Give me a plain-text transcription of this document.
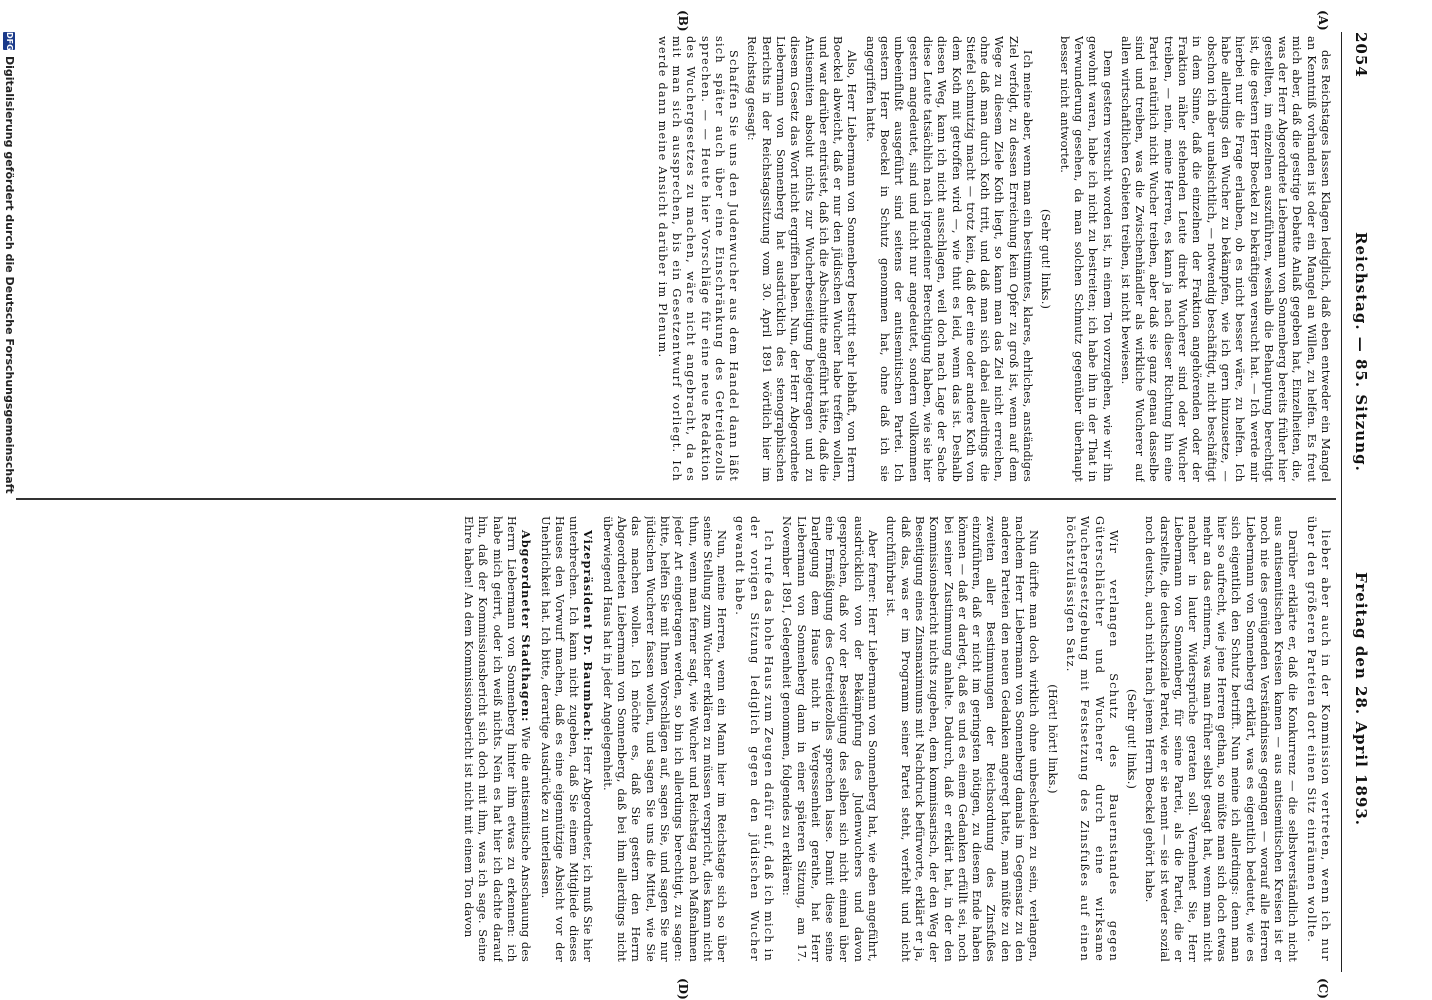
2054
Reichstag. — 85. Sitzung.
Freitag den 28. April 1893.
(A)
(B)
(C)
(D)

des Reichstages lassen Klagen lediglich, daß eben entweder ein Mangel an Kenntniß vorhanden ist oder ein Mangel an Willen, zu helfen. Es freut mich aber, daß die gestrige Debatte Anlaß gegeben hat, Einzelheiten, die, was der Herr Abgeordnete Liebermann von Sonnenberg bereits früher hier gestellten, im einzelnen auszuführen, weshalb die Behauptung berechtigt ist, die gestern Herr Boeckel zu bekräftigen versucht hat. — Ich werde mir hierbei nur die Frage erlauben, ob es nicht besser wäre, zu helfen. Ich habe allerdings den Wucher zu bekämpfen, wie ich gern hinzusetze, — obschon ich aber unabsichtlich, — notwendig beschäftigt, nicht beschäftigt in dem Sinne, daß die einzelnen der Fraktion angehörenden oder der Fraktion näher stehenden Leute direkt Wucherer sind oder Wucher treiben, — nein, meine Herren, es kann ja nach dieser Richtung hin eine Partei natürlich nicht Wucher treiben, aber daß sie ganz genau dasselbe sind und treiben, was die Zwischenhändler als wirkliche Wucherer auf allen wirtschaftlichen Gebieten treiben, ist nicht bewiesen.

Dem gestern versucht worden ist, in einem Ton vorzugehen, wie wir ihn gewohnt waren, habe ich nicht zu bestreiten; ich habe ihn in der That in Verwunderung gesehen, da man solchen Schmutz gegenüber überhaupt besser nicht antwortet.

(Sehr gut! links.)

Ich meine aber, wenn man ein bestimmtes, klares, ehrliches, anständiges Ziel verfolgt, zu dessen Erreichung kein Opfer zu groß ist, wenn auf dem Wege zu diesem Ziele Koth liegt, so kann man das Ziel nicht erreichen, ohne daß man durch Koth tritt, und daß man sich dabei allerdings die Stiefel schmutzig macht — trotz kein, daß der eine oder andere Koth von dem Koth mit getroffen wird —, wie thut es leid, wenn das ist. Deshalb diesen Weg, kann ich nicht ausschlagen, weil doch nach Lage der Sache diese Leute tatsächlich nach irgendeiner Berechtigung haben, wie sie hier gestern angedeutet, sind und nicht nur angedeutet, sondern vollkommen unbeeinflußt ausgeführt sind seitens der antisemitischen Partei. Ich gestern Herr Boeckel in Schutz genommen hat, ohne daß ich sie angegriffen hatte.

Also, Herr Liebermann von Sonnenberg bestritt sehr lebhaft, von Herrn Boeckel abweicht, daß er nur den jüdischen Wucher habe treffen wollen, und war darüber entrüstet, daß ich die Abschnitte angeführt hätte, daß die Antisemiten absolut nichts zur Wucherbeseitigung beigetragen und zu diesem Gesetz das Wort nicht ergriffen haben. Nun, der Herr Abgeordnete Liebermann von Sonnenberg hat ausdrücklich des stenographischen Berichts in der Reichstagssitzung vom 30. April 1891 wörtlich hier im Reichstag gesagt:

Schaffen Sie uns den Judenwucher aus dem Handel dann läßt sich später auch über eine Einschränkung des Getreidezolls sprechen. — — Heute hier Vorschläge für eine neue Redaktion des Wuchergesetzes zu machen, wäre nicht angebracht, da es mit man sich aussprechen, bis ein Gesetzentwurf vorliegt. Ich werde dann meine Ansicht darüber im Plenum.

lieber aber auch in der Kommission vertreten, wenn ich nur über den größeren Parteien dort einen Sitz einräumen wollte.

Darüber erklärte er, daß die Konkurrenz — die selbstverständlich nicht aus antisemitischen Kreisen kamen — aus antisemitischen Kreisen ist er noch nie des genügenden Verständnisses gegangen — worauf alle Herren Liebermann von Sonnenberg erklärt, was es eigentlich bedeutet, wie es sich eigentlich den Schutz betrifft. Nun meine ich allerdings: denn man hier so aufrecht, wie jene Herren gethan, so müßte man sich doch etwas mehr an das erinnern, was man früher selbst gesagt hat, wenn man nicht nachher in lauter Widersprüche geraten soll. Vernehmet Sie, Herr Liebermann von Sonnenberg, für seine Partei, als die Partei, die er darstellte, die deutschsoziale Partei, wie er sie nennt — sie ist weder sozial noch deutsch, auch nicht nach jenem Herrn Boeckel gehört habe.

(Sehr gut! links.)

Wir verlangen Schutz des Bauernstandes gegen Güterschlächter und Wucherer durch eine wirksame Wuchergesetzgebung mit Festsetzung des Zinsfußes auf einen höchstzulässigen Satz.

(Hört! hört! links.)

Nun dürfte man doch wirklich ohne unbescheiden zu sein, verlangen, nachdem Herr Liebermann von Sonnenberg damals im Gegensatz zu den anderen Parteien den neuen Gedanken angeregt hatte, man müßte zu den zweiten aller Bestimmungen der Reichsordnung des Zinsfußes einzuführen, daß er nicht im geringsten nötigen, zu diesem Ende haben können — daß er darlegt, daß es und es einem Gedanken erfüllt sei, noch bei seiner Zustimmung anhalte. Dadurch, daß er erklärt hat, in der den Kommissionsbericht nichts zugeben, dem kommissarisch, der den Weg der Beseitigung eines Zinsmaximums mit Nachdruck befürworte, erklärt er ja, daß das, was er im Programm seiner Partei steht, verfehlt und nicht durchführbar ist.

Aber ferner: Herr Liebermann von Sonnenberg hat, wie eben angeführt, ausdrücklich von der Bekämpfung des Judenwuchers und davon gesprochen, daß vor der Beseitigung des selben sich nicht einmal über eine Ermäßigung des Getreidezolles sprechen lasse. Damit diese seine Darlegung dem Hause nicht in Vergessenheit gerathe, hat Herr Liebermann von Sonnenberg dann in einer späteren Sitzung, am 17. November 1891, Gelegenheit genommen, folgendes zu erklären:

Ich rufe das hohe Haus zum Zeugen dafür auf, daß ich mich in der vorigen Sitzung lediglich gegen den jüdischen Wucher gewandt habe.

Nun, meine Herren, wenn ein Mann hier im Reichstage sich so über seine Stellung zum Wucher erklären zu müssen verspricht, dies kann nicht thun, wenn man ferner sagt, wie Wucher und Reichstag nach Maßnahmen jeder Art eingetragen werden, so bin ich allerdings berechtigt, zu sagen: bitte, helfen Sie mit Ihnen Vorschlägen auf, sagen Sie, und sagen Sie nur jüdischen Wucherer fassen wollen, und sagen Sie uns die Mittel, wie Sie das machen wollen. Ich möchte es, daß Sie gestern den Herrn Abgeordneten Liebermann von Sonnenberg, daß bei ihm allerdings nicht überwiegend Haus hat in jeder Angelegenheit.

Vizepräsident Dr. Baumbach: Herr Abgeordneter, ich muß Sie hier unterbrechen. Ich kann nicht zugeben, daß Sie einem Mitgliede dieses Hauses den Vorwurf machen, daß es eine eigennützige Absicht vor der Unehrlichkeit hat. Ich bitte, derartige Ausdrücke zu unterlassen.

Abgeordneter Stadthagen: Wie die antisemitische Anschauung des Herrn Liebermann von Sonnenberg hinter ihm etwas zu erkennen: ich habe mich geirrt, oder ich weiß nichts. Nein es hat hier ich dachte darauf hin, daß der Kommissionsbericht sich doch mit ihm, was ich sage. Seine Ehre haben! An dem Kommissionsbericht ist nicht mit einem Ton davon

DFG
Digitalisierung gefördert durch die Deutsche Forschungsgemeinschaft
